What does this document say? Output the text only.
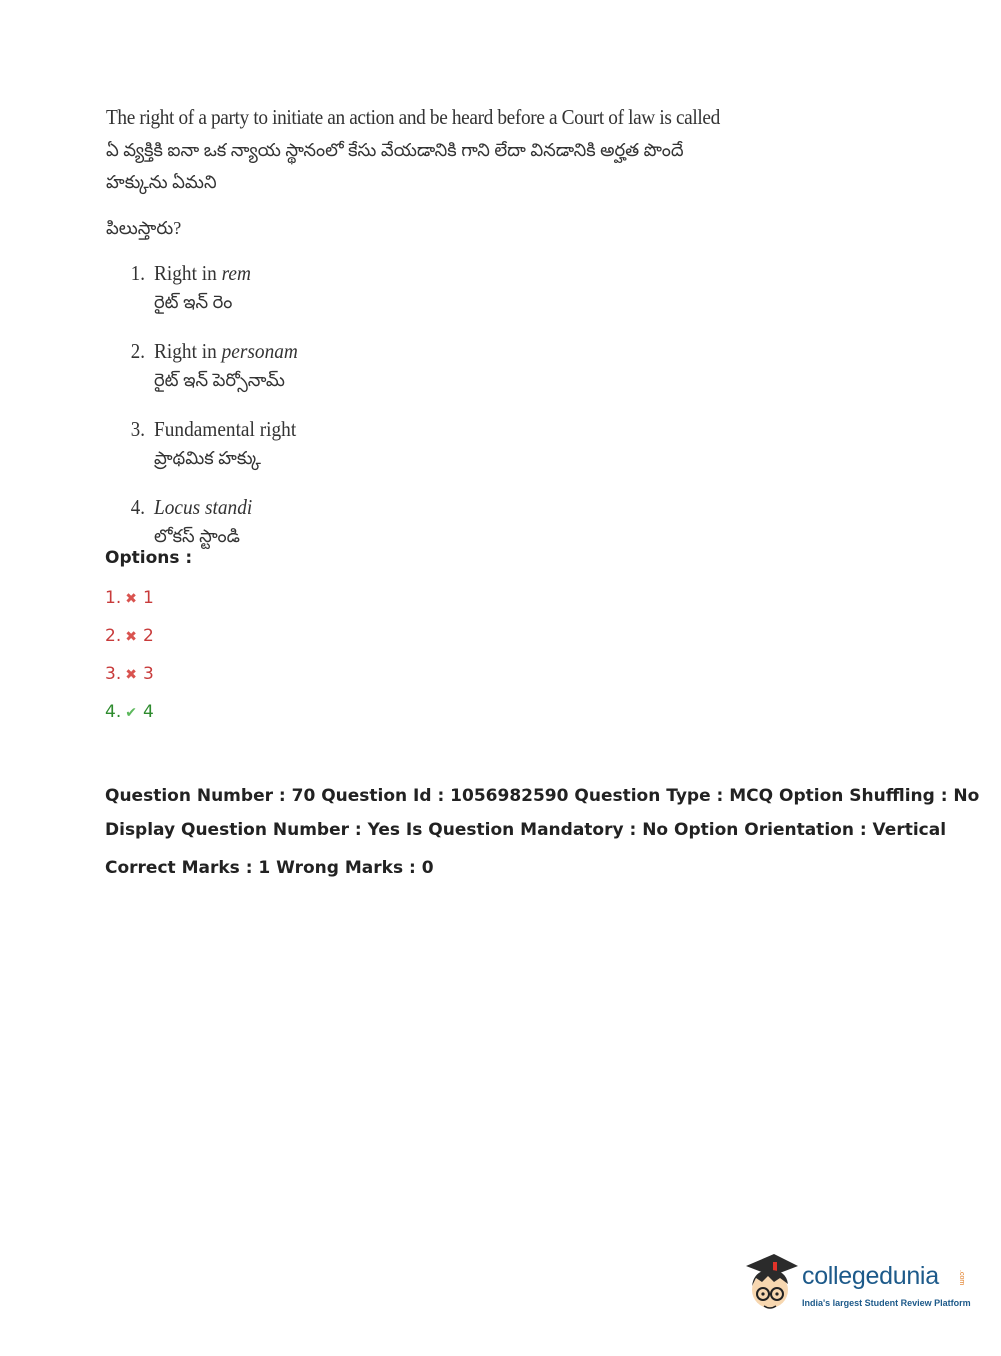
The right of a party to initiate an action and be heard before a Court of law is called
ఏ వ్యక్తికి ఐనా ఒక న్యాయ స్థానంలో కేసు వేయడానికి గాని లేదా వినడానికి అర్హత పొందే హక్కును ఏమని
పిలుస్తారు?
1. Right in rem
రైట్ ఇన్ రెం
2. Right in personam
రైట్ ఇన్ పెర్సోనామ్
3. Fundamental right
ప్రాథమిక హక్కు
4. Locus standi
లోకస్ స్టాండి
Options :
1. ✖ 1
2. ✖ 2
3. ✖ 3
4. ✔ 4
Question Number : 70 Question Id : 1056982590 Question Type : MCQ Option Shuffling : No
Display Question Number : Yes Is Question Mandatory : No Option Orientation : Vertical
Correct Marks : 1 Wrong Marks : 0
collegedunia	.com
India's largest Student Review Platform
